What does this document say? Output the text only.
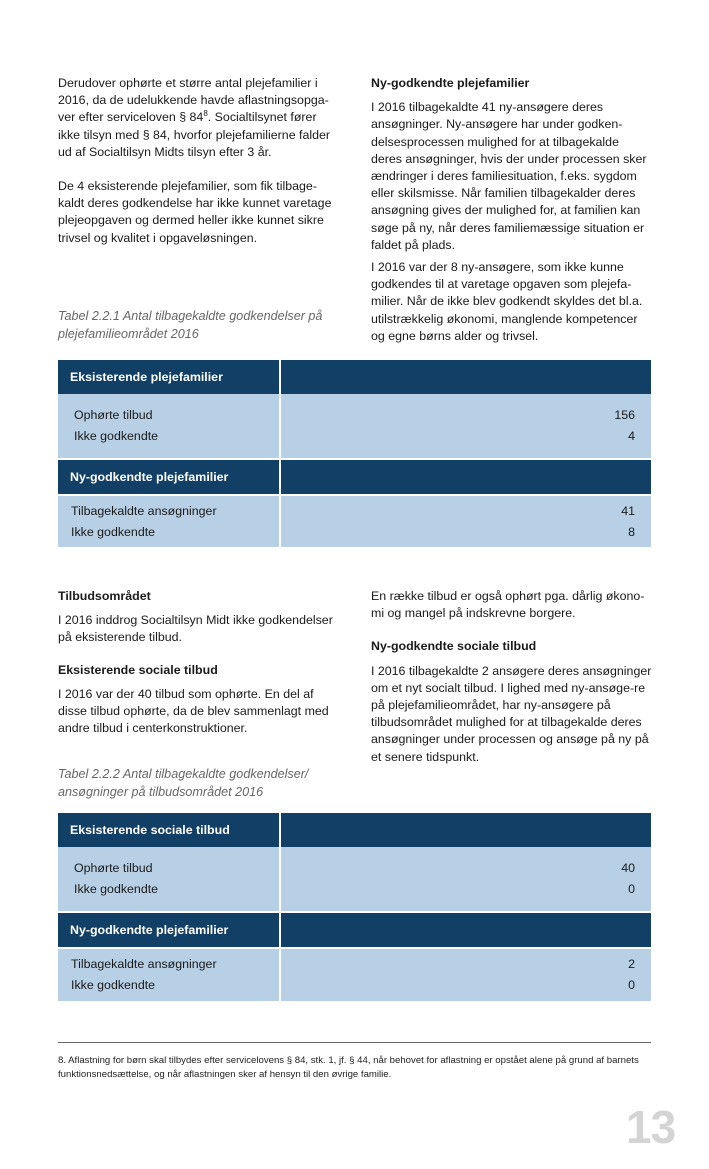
Derudover ophørte et større antal plejefamilier i 2016, da de udelukkende havde aflastningsopga-ver efter serviceloven § $84^8$. Socialtilsynet fører ikke tilsyn med § 84, hvorfor plejefamilierne falder ud af Socialtilsyn Midts tilsyn efter 3 år.

De 4 eksisterende plejefamilier, som fik tilbage-kaldt deres godkendelse har ikke kunnet varetage plejeopgaven og dermed heller ikke kunnet sikre trivsel og kvalitet i opgaveløsningen.

Ny-godkendte plejefamilier

I 2016 tilbagekaldte 41 ny-ansøgere deres ansøgninger. Ny-ansøgere har under godken-delsesprocessen mulighed for at tilbagekalde deres ansøgninger, hvis der under processen sker ændringer i deres familiesituation, f.eks. sygdom eller skilsmisse. Når familien tilbagekalder deres ansøgning gives der mulighed for, at familien kan søge på ny, når deres familiemæssige situation er faldet på plads.

I 2016 var der 8 ny-ansøgere, som ikke kunne godkendes til at varetage opgaven som plejefa-milier. Når de ikke blev godkendt skyldes det bl.a. utilstrækkelig økonomi, manglende kompetencer og egne børns alder og trivsel.

Tabel 2.2.1 Antal tilbagekaldte godkendelser på plejefamilieområdet 2016
Eksisterende plejefamilier
Ophørte tilbud	156
Ikke godkendte	4
Ny-godkendte plejefamilier
Tilbagekaldte ansøgninger	41
Ikke godkendte	8

Tilbudsområdet

I 2016 inddrog Socialtilsyn Midt ikke godkendelser på eksisterende tilbud.

Eksisterende sociale tilbud

I 2016 var der 40 tilbud som ophørte. En del af disse tilbud ophørte, da de blev sammenlagt med andre tilbud i centerkonstruktioner.

En række tilbud er også ophørt pga. dårlig økono-mi og mangel på indskrevne borgere.

Ny-godkendte sociale tilbud

I 2016 tilbagekaldte 2 ansøgere deres ansøgninger om et nyt socialt tilbud. I lighed med ny-ansøge-re på plejefamilieområdet, har ny-ansøgere på tilbudsområdet mulighed for at tilbagekalde deres ansøgninger under processen og ansøge på ny på et senere tidspunkt.

Tabel 2.2.2 Antal tilbagekaldte godkendelser/ ansøgninger på tilbudsområdet 2016
Eksisterende sociale tilbud
Ophørte tilbud	40
Ikke godkendte	0
Ny-godkendte plejefamilier
Tilbagekaldte ansøgninger	2
Ikke godkendte	0
8. Aflastning for børn skal tilbydes efter servicelovens § 84, stk. 1, jf. § 44, når behovet for aflastning er opstået alene på grund af barnets funktionsnedsættelse, og når aflastningen sker af hensyn til den øvrige familie.
13
